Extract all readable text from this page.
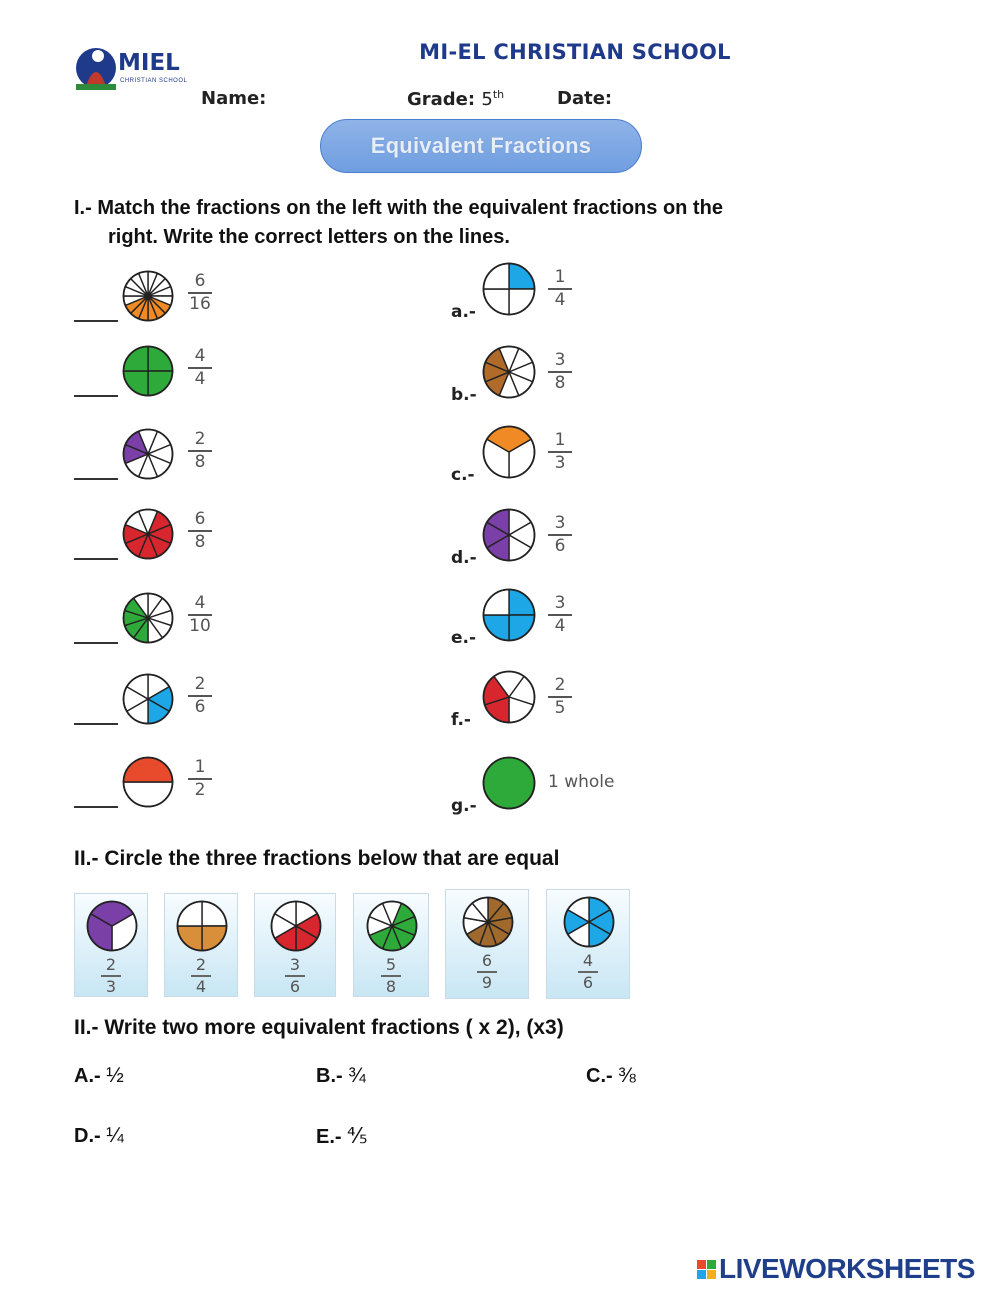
MIEL
CHRISTIAN SCHOOL
MI-EL CHRISTIAN SCHOOL
Name:	Grade: 5th	Date:
Equivalent Fractions
I.- Match the fractions on the left with the equivalent fractions on the
right. Write the correct letters on the lines.
6
16
4
4
2
8
6
8
4
10
2
6
1
2
a.-
1
4
b.-
3
8
c.-
1
3
d.-
3
6
e.-
3
4
f.-
2
5
g.-
1 whole
II.- Circle the three fractions below that are equal
2
3
2
4
3
6
5
8
6
9
4
6
II.- Write two more equivalent fractions ( x 2), (x3)
A.- ½	B.- ¾	C.- ⅜
D.- ¼	E.- ⅘
LIVEWORKSHEETS
